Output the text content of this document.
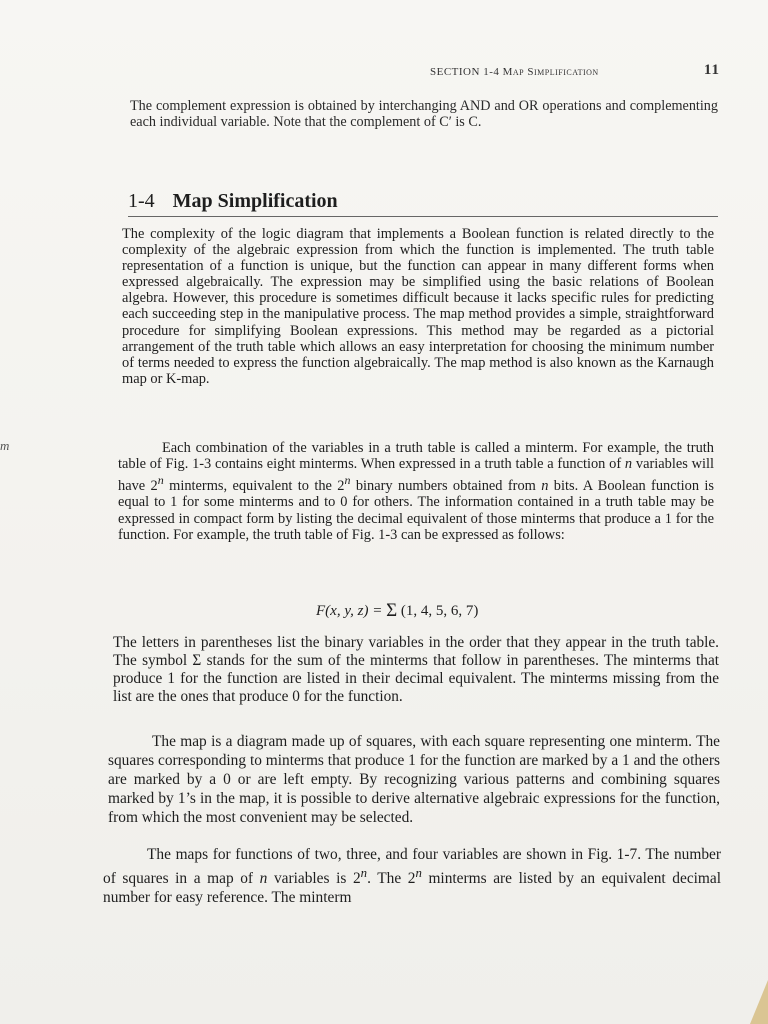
SECTION 1-4 Map Simplification	11
The complement expression is obtained by interchanging AND and OR operations and complementing each individual variable. Note that the complement of C′ is C.
1-4 Map Simplification
The complexity of the logic diagram that implements a Boolean function is related directly to the complexity of the algebraic expression from which the function is implemented. The truth table representation of a function is unique, but the function can appear in many different forms when expressed algebraically. The expression may be simplified using the basic relations of Boolean algebra. However, this procedure is sometimes difficult because it lacks specific rules for predicting each succeeding step in the manipulative process. The map method provides a simple, straightforward procedure for simplifying Boolean expressions. This method may be regarded as a pictorial arrangement of the truth table which allows an easy interpretation for choosing the minimum number of terms needed to express the function algebraically. The map method is also known as the Karnaugh map or K-map.
m	Each combination of the variables in a truth table is called a minterm. For example, the truth table of Fig. 1-3 contains eight minterms. When expressed in a truth table a function of n variables will have 2$^n$ minterms, equivalent to the 2$^n$ binary numbers obtained from n bits. A Boolean function is equal to 1 for some minterms and to 0 for others. The information contained in a truth table may be expressed in compact form by listing the decimal equivalent of those minterms that produce a 1 for the function. For example, the truth table of Fig. 1-3 can be expressed as follows:
F(x, y, z) = Σ (1, 4, 5, 6, 7)
The letters in parentheses list the binary variables in the order that they appear in the truth table. The symbol Σ stands for the sum of the minterms that follow in parentheses. The minterms that produce 1 for the function are listed in their decimal equivalent. The minterms missing from the list are the ones that produce 0 for the function.
The map is a diagram made up of squares, with each square representing one minterm. The squares corresponding to minterms that produce 1 for the function are marked by a 1 and the others are marked by a 0 or are left empty. By recognizing various patterns and combining squares marked by 1’s in the map, it is possible to derive alternative algebraic expressions for the function, from which the most convenient may be selected.
The maps for functions of two, three, and four variables are shown in Fig. 1-7. The number of squares in a map of n variables is 2$^n$. The 2$^n$ minterms are listed by an equivalent decimal number for easy reference. The minterm
